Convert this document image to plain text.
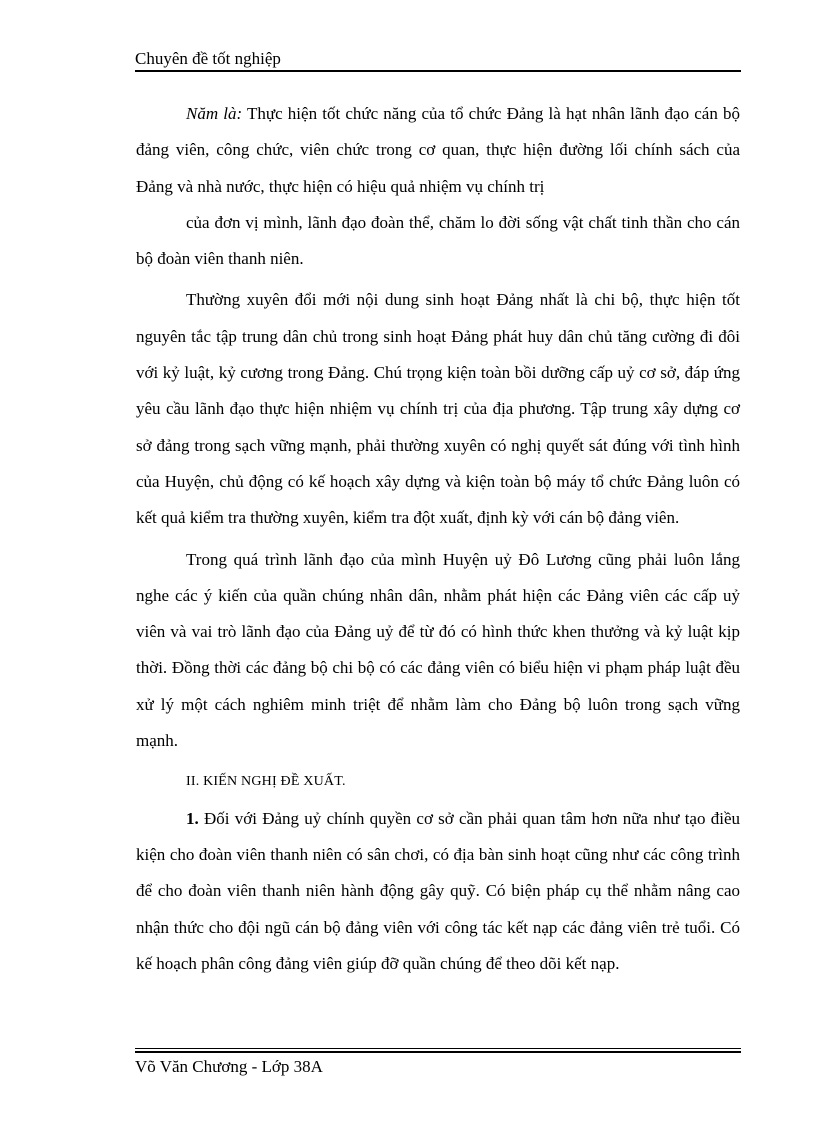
Chuyên đề tốt nghiệp

Năm là: Thực hiện tốt chức năng của tổ chức Đảng là hạt nhân lãnh đạo cán bộ đảng viên, công chức, viên chức trong cơ quan, thực hiện đường lối chính sách của Đảng và nhà nước, thực hiện có hiệu quả nhiệm vụ chính trị

của đơn vị mình, lãnh đạo đoàn thể, chăm lo đời sống vật chất tinh thần cho cán bộ đoàn viên thanh niên.

Thường xuyên đổi mới nội dung sinh hoạt Đảng nhất là chi bộ, thực hiện tốt nguyên tắc tập trung dân chủ trong sinh hoạt Đảng phát huy dân chủ tăng cường đi đôi với kỷ luật, kỷ cương trong Đảng. Chú trọng kiện toàn bồi dưỡng cấp uỷ cơ sở, đáp ứng yêu cầu lãnh đạo thực hiện nhiệm vụ chính trị của địa phương. Tập trung xây dựng cơ sở đảng trong sạch vững mạnh, phải thường xuyên có nghị quyết sát đúng với tình hình của Huyện, chủ động có kế hoạch xây dựng và kiện toàn bộ máy tổ chức Đảng luôn có kết quả kiểm tra thường xuyên, kiểm tra đột xuất, định kỳ với cán bộ đảng viên.

Trong quá trình lãnh đạo của mình Huyện uỷ Đô Lương cũng phải luôn lắng nghe các ý kiến của quần chúng nhân dân, nhằm phát hiện các Đảng viên các cấp uỷ viên và vai trò lãnh đạo của Đảng uỷ để từ đó có hình thức khen thưởng và kỷ luật kịp thời. Đồng thời các đảng bộ chi bộ có các đảng viên có biểu hiện vi phạm pháp luật đều xử lý một cách nghiêm minh triệt để nhằm làm cho Đảng bộ luôn trong sạch vững mạnh.

II. KIẾN NGHỊ ĐỀ XUẤT.

1. Đối với Đảng uỷ chính quyền cơ sở cần phải quan tâm hơn nữa như tạo điều kiện cho đoàn viên thanh niên có sân chơi, có địa bàn sinh hoạt cũng như các công trình để cho đoàn viên thanh niên hành động gây quỹ. Có biện pháp cụ thể nhằm nâng cao nhận thức cho đội ngũ cán bộ đảng viên với công tác kết nạp các đảng viên trẻ tuổi. Có kế hoạch phân công đảng viên giúp đỡ quần chúng để theo dõi kết nạp.

Võ Văn Chương - Lớp 38A
